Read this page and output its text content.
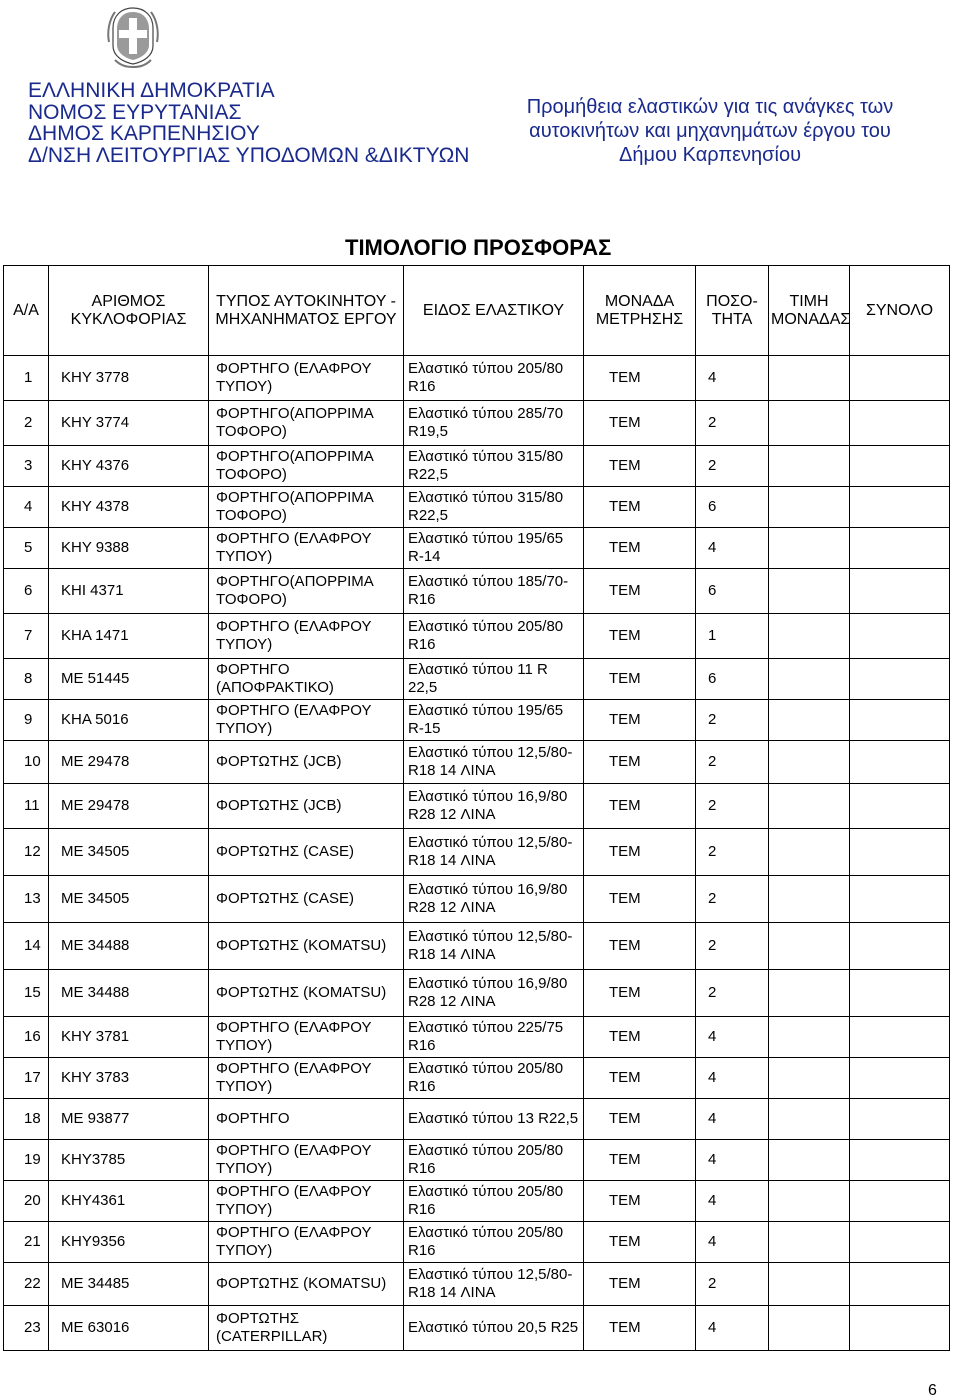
ΕΛΛΗΝΙΚΗ ΔΗΜΟΚΡΑΤΙΑ
ΝΟΜΟΣ ΕΥΡΥΤΑΝΙΑΣ
ΔΗΜΟΣ ΚΑΡΠΕΝΗΣΙΟΥ
Δ/ΝΣΗ ΛΕΙΤΟΥΡΓΙΑΣ ΥΠΟΔΟΜΩΝ &ΔΙΚΤΥΩΝ
Προμήθεια ελαστικών για τις ανάγκες των
αυτοκινήτων και μηχανημάτων έργου του
Δήμου Καρπενησίου
ΤΙΜΟΛΟΓΙΟ ΠΡΟΣΦΟΡΑΣ
Α/Α	ΑΡΙΘΜΟΣ ΚΥΚΛΟΦΟΡΙΑΣ	ΤΥΠΟΣ ΑΥΤΟΚΙΝΗΤΟΥ - ΜΗΧΑΝΗΜΑΤΟΣ ΕΡΓΟΥ	ΕΙΔΟΣ ΕΛΑΣΤΙΚΟΥ	ΜΟΝΑΔΑ ΜΕΤΡΗΣΗΣ	ΠΟΣΟ-ΤΗΤΑ	ΤΙΜΗ ΜΟΝΑΔΑΣ	ΣΥΝΟΛΟ

1	ΚΗΥ 3778	ΦΟΡΤΗΓΟ (ΕΛΑΦΡΟΥ ΤΥΠΟΥ)	Ελαστικό τύπου 205/80 R16	ΤΕΜ	4		

2	ΚΗΥ 3774	ΦΟΡΤΗΓΟ(ΑΠΟΡΡΙΜΑ ΤΟΦΟΡΟ)	Ελαστικό τύπου 285/70 R19,5	ΤΕΜ	2		

3	ΚΗΥ 4376	ΦΟΡΤΗΓΟ(ΑΠΟΡΡΙΜΑ ΤΟΦΟΡΟ)	Ελαστικό τύπου 315/80 R22,5	ΤΕΜ	2		

4	ΚΗΥ 4378	ΦΟΡΤΗΓΟ(ΑΠΟΡΡΙΜΑ ΤΟΦΟΡΟ)	Ελαστικό τύπου 315/80 R22,5	ΤΕΜ	6		

5	ΚΗΥ 9388	ΦΟΡΤΗΓΟ (ΕΛΑΦΡΟΥ ΤΥΠΟΥ)	Ελαστικό τύπου 195/65 R-14	ΤΕΜ	4		

6	ΚΗΙ 4371	ΦΟΡΤΗΓΟ(ΑΠΟΡΡΙΜΑ ΤΟΦΟΡΟ)	Ελαστικό τύπου 185/70-R16	ΤΕΜ	6		

7	ΚΗΑ 1471	ΦΟΡΤΗΓΟ (ΕΛΑΦΡΟΥ ΤΥΠΟΥ)	Ελαστικό τύπου 205/80 R16	ΤΕΜ	1		

8	ΜΕ 51445	ΦΟΡΤΗΓΟ (ΑΠΟΦΡΑΚΤΙΚΟ)	Ελαστικό τύπου 11 R 22,5	ΤΕΜ	6		

9	ΚΗΑ 5016	ΦΟΡΤΗΓΟ (ΕΛΑΦΡΟΥ ΤΥΠΟΥ)	Ελαστικό τύπου 195/65 R-15	ΤΕΜ	2		

10	ΜΕ 29478	ΦΟΡΤΩΤΗΣ (JCB)	Ελαστικό τύπου 12,5/80-R18 14 ΛΙΝΑ	ΤΕΜ	2		

11	ΜΕ 29478	ΦΟΡΤΩΤΗΣ (JCB)	Ελαστικό τύπου 16,9/80 R28 12 ΛΙΝΑ	ΤΕΜ	2		

12	ΜΕ 34505	ΦΟΡΤΩΤΗΣ (CASE)	Ελαστικό τύπου 12,5/80-R18 14 ΛΙΝΑ	ΤΕΜ	2		

13	ΜΕ 34505	ΦΟΡΤΩΤΗΣ (CASE)	Ελαστικό τύπου 16,9/80 R28 12 ΛΙΝΑ	ΤΕΜ	2		

14	ΜΕ 34488	ΦΟΡΤΩΤΗΣ (KOMATSU)	Ελαστικό τύπου 12,5/80-R18 14 ΛΙΝΑ	ΤΕΜ	2		

15	ΜΕ 34488	ΦΟΡΤΩΤΗΣ (KOMATSU)	Ελαστικό τύπου 16,9/80 R28 12 ΛΙΝΑ	ΤΕΜ	2		

16	ΚΗΥ 3781	ΦΟΡΤΗΓΟ (ΕΛΑΦΡΟΥ ΤΥΠΟΥ)	Ελαστικό τύπου 225/75 R16	ΤΕΜ	4		

17	ΚΗΥ 3783	ΦΟΡΤΗΓΟ (ΕΛΑΦΡΟΥ ΤΥΠΟΥ)	Ελαστικό τύπου 205/80 R16	ΤΕΜ	4		

18	ΜΕ 93877	ΦΟΡΤΗΓΟ	Ελαστικό τύπου 13 R22,5	ΤΕΜ	4		

19	ΚΗΥ3785	ΦΟΡΤΗΓΟ (ΕΛΑΦΡΟΥ ΤΥΠΟΥ)	Ελαστικό τύπου 205/80 R16	ΤΕΜ	4		

20	ΚΗΥ4361	ΦΟΡΤΗΓΟ (ΕΛΑΦΡΟΥ ΤΥΠΟΥ)	Ελαστικό τύπου 205/80 R16	ΤΕΜ	4		

21	ΚΗΥ9356	ΦΟΡΤΗΓΟ (ΕΛΑΦΡΟΥ ΤΥΠΟΥ)	Ελαστικό τύπου 205/80 R16	ΤΕΜ	4		

22	ΜΕ 34485	ΦΟΡΤΩΤΗΣ (KOMATSU)	Ελαστικό τύπου 12,5/80-R18 14 ΛΙΝΑ	ΤΕΜ	2		

23	ΜΕ 63016	ΦΟΡΤΩΤΗΣ (CATERPILLAR)	Ελαστικό τύπου 20,5 R25	ΤΕΜ	4		

6
